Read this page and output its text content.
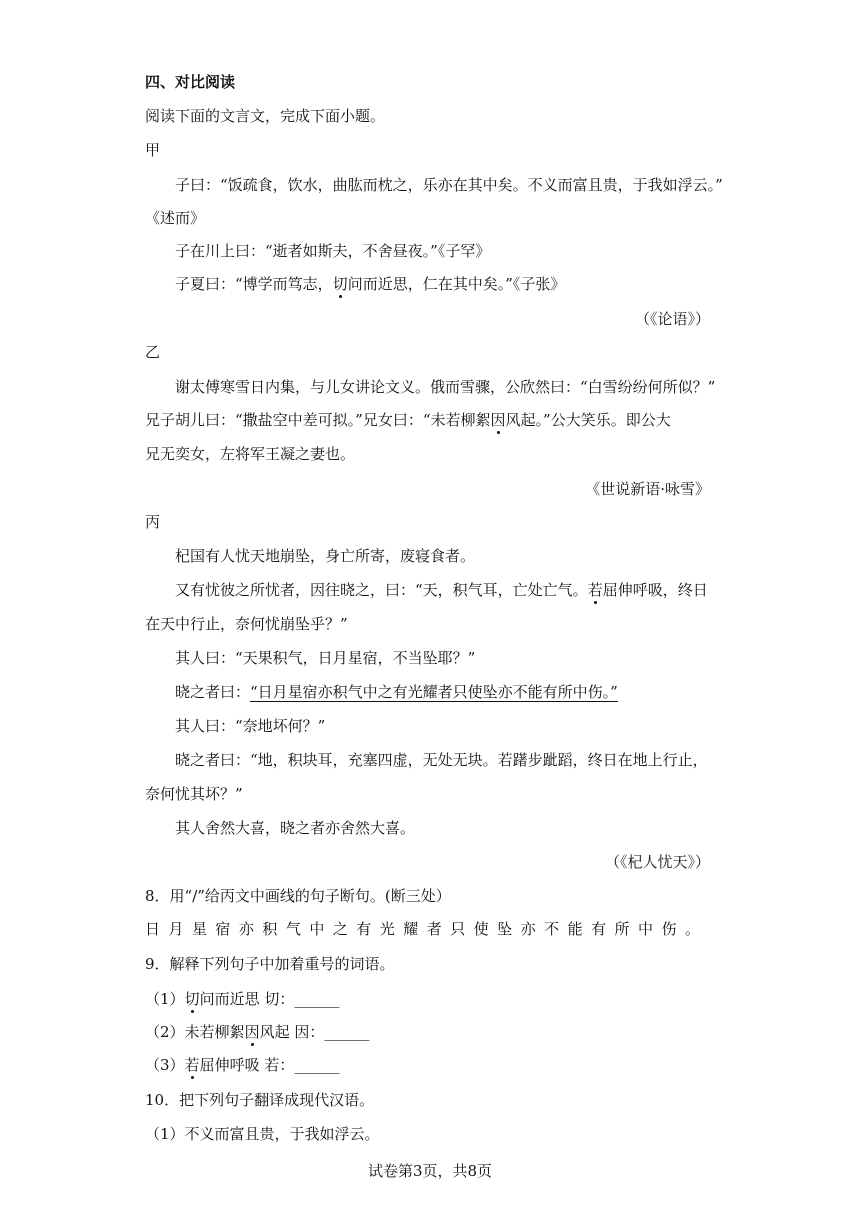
四、对比阅读
阅读下面的文言文，完成下面小题。
甲
子曰：“饭疏食，饮水，曲肱而枕之，乐亦在其中矣。不义而富且贵，于我如浮云。”
《述而》
子在川上曰：“逝者如斯夫，不舍昼夜。”《子罕》
子夏曰：“博学而笃志，切问而近思，仁在其中矣。”《子张》
（《论语》）
乙
谢太傅寒雪日内集，与儿女讲论文义。俄而雪骤，公欣然曰：“白雪纷纷何所似？”
兄子胡儿曰：“撒盐空中差可拟。”兄女曰：“未若柳絮因风起。”公大笑乐。即公大
兄无奕女，左将军王凝之妻也。
《世说新语·咏雪》
丙
杞国有人忧天地崩坠，身亡所寄，废寝食者。
又有忧彼之所忧者，因往晓之，曰：“天，积气耳，亡处亡气。若屈伸呼吸，终日
在天中行止，奈何忧崩坠乎？”
其人曰：“天果积气，日月星宿，不当坠耶？”
晓之者曰：“日月星宿亦积气中之有光耀者只使坠亦不能有所中伤。”
其人曰：“奈地坏何？”
晓之者曰：“地，积块耳，充塞四虚，无处无块。若躇步跐蹈，终日在地上行止，
奈何忧其坏？”
其人舍然大喜，晓之者亦舍然大喜。
（《杞人忧天》）
8．用“/”给丙文中画线的句子断句。(断三处）
日月星宿亦积气中之有光耀者只使坠亦不能有所中伤。
9．解释下列句子中加着重号的词语。
（1）切问而近思 切：______
（2）未若柳絮因风起 因：______
（3）若屈伸呼吸 若：______
10．把下列句子翻译成现代汉语。
（1）不义而富且贵，于我如浮云。
试卷第3页，共8页
